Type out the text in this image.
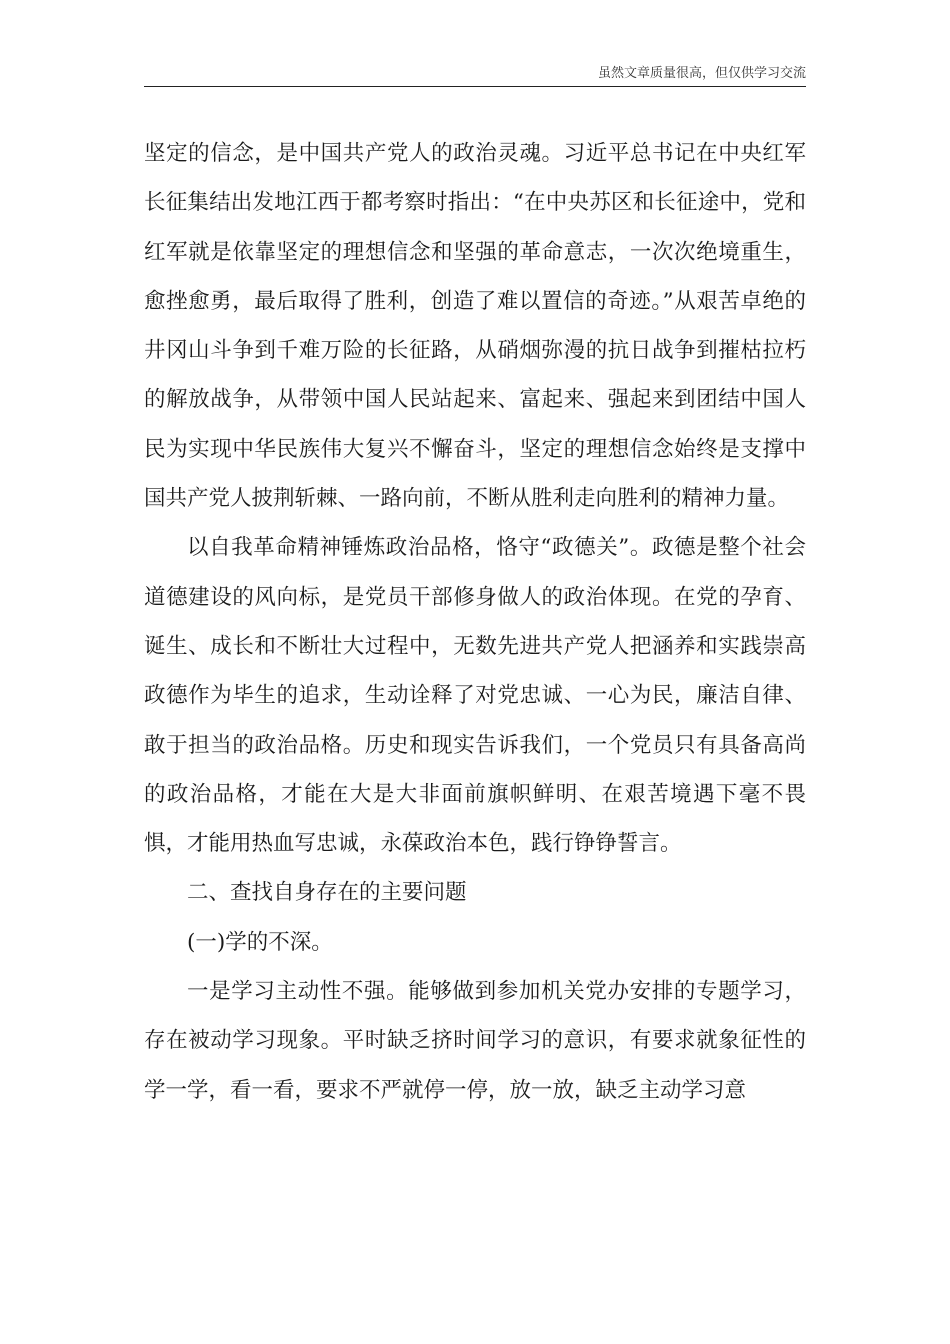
虽然文章质量很高，但仅供学习交流

坚定的信念，是中国共产党人的政治灵魂。习近平总书记在中央红军长征集结出发地江西于都考察时指出：“在中央苏区和长征途中，党和红军就是依靠坚定的理想信念和坚强的革命意志，一次次绝境重生，愈挫愈勇，最后取得了胜利，创造了难以置信的奇迹。”从艰苦卓绝的井冈山斗争到千难万险的长征路，从硝烟弥漫的抗日战争到摧枯拉朽的解放战争，从带领中国人民站起来、富起来、强起来到团结中国人民为实现中华民族伟大复兴不懈奋斗，坚定的理想信念始终是支撑中国共产党人披荆斩棘、一路向前，不断从胜利走向胜利的精神力量。

以自我革命精神锤炼政治品格，恪守“政德关”。政德是整个社会道德建设的风向标，是党员干部修身做人的政治体现。在党的孕育、诞生、成长和不断壮大过程中，无数先进共产党人把涵养和实践崇高政德作为毕生的追求，生动诠释了对党忠诚、一心为民，廉洁自律、敢于担当的政治品格。历史和现实告诉我们，一个党员只有具备高尚的政治品格，才能在大是大非面前旗帜鲜明、在艰苦境遇下毫不畏惧，才能用热血写忠诚，永葆政治本色，践行铮铮誓言。

二、查找自身存在的主要问题

(一)学的不深。

一是学习主动性不强。能够做到参加机关党办安排的专题学习，存在被动学习现象。平时缺乏挤时间学习的意识，有要求就象征性的学一学，看一看，要求不严就停一停，放一放，缺乏主动学习意
